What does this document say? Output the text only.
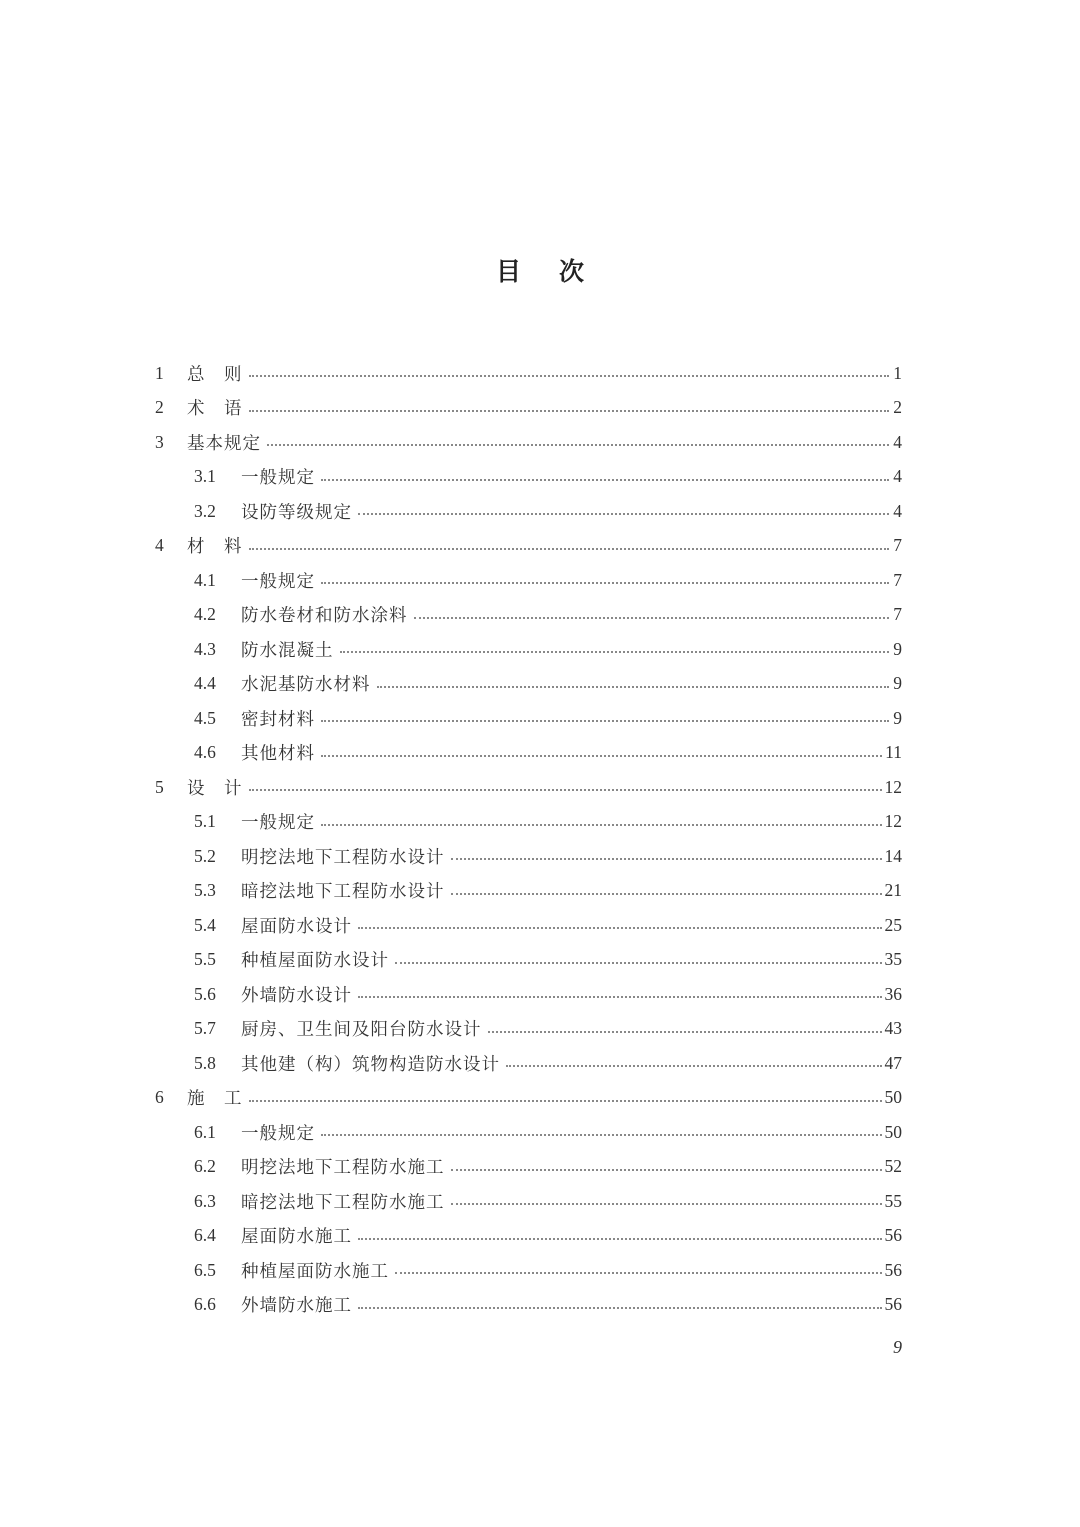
目次
1	总　则	1
2	术　语	2
3	基本规定	4
3.1	一般规定	4
3.2	设防等级规定	4
4	材　料	7
4.1	一般规定	7
4.2	防水卷材和防水涂料	7
4.3	防水混凝土	9
4.4	水泥基防水材料	9
4.5	密封材料	9
4.6	其他材料	11
5	设　计	12
5.1	一般规定	12
5.2	明挖法地下工程防水设计	14
5.3	暗挖法地下工程防水设计	21
5.4	屋面防水设计	25
5.5	种植屋面防水设计	35
5.6	外墙防水设计	36
5.7	厨房、卫生间及阳台防水设计	43
5.8	其他建（构）筑物构造防水设计	47
6	施　工	50
6.1	一般规定	50
6.2	明挖法地下工程防水施工	52
6.3	暗挖法地下工程防水施工	55
6.4	屋面防水施工	56
6.5	种植屋面防水施工	56
6.6	外墙防水施工	56
9
